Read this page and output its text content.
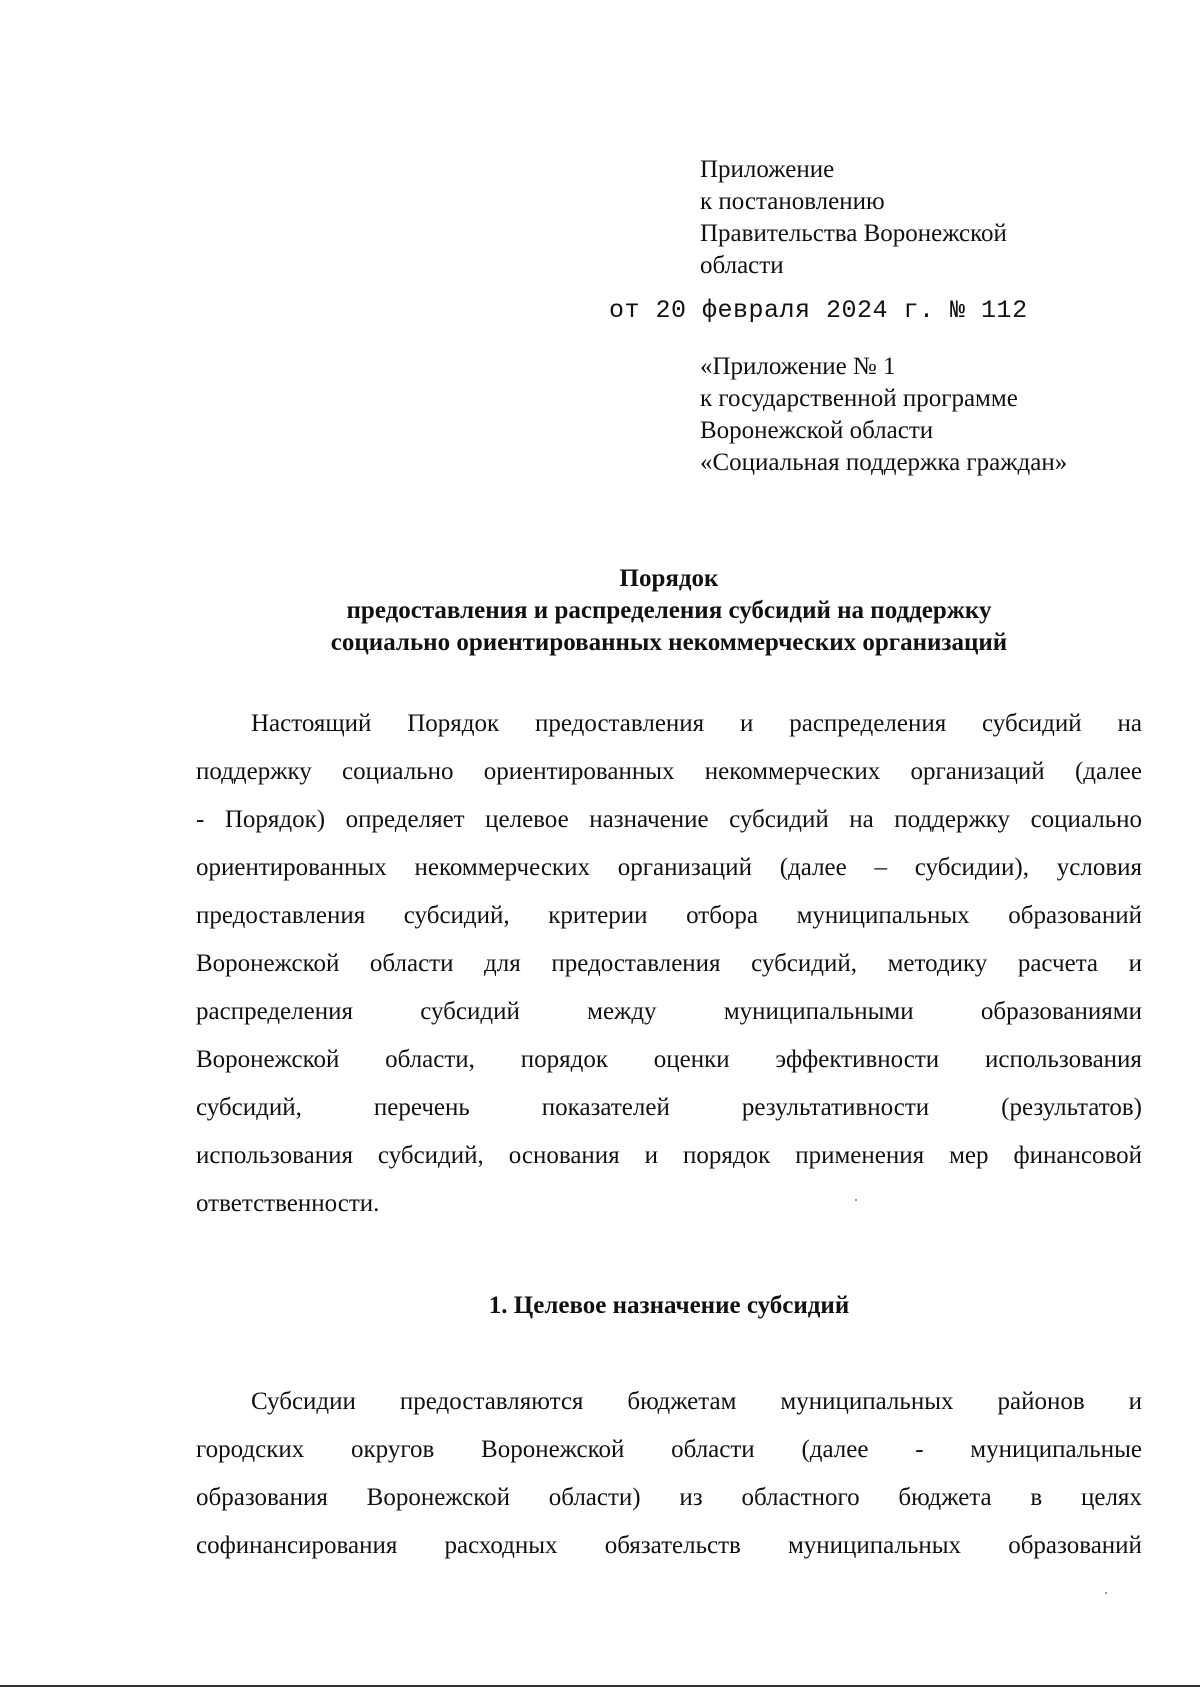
Приложение
к постановлению
Правительства Воронежской
области
от 20 февраля 2024 г. № 112
«Приложение № 1
к государственной программе
Воронежской области
«Социальная поддержка граждан»
Порядок
предоставления и распределения субсидий на поддержку
социально ориентированных некоммерческих организаций
Настоящий Порядок предоставления и распределения субсидий на
поддержку социально ориентированных некоммерческих организаций (далее
- Порядок) определяет целевое назначение субсидий на поддержку социально
ориентированных некоммерческих организаций (далее – субсидии), условия
предоставления субсидий, критерии отбора муниципальных образований
Воронежской области для предоставления субсидий, методику расчета и
распределения	субсидий	между	муниципальными	образованиями
Воронежской области, порядок оценки эффективности использования
субсидий,	перечень	показателей	результативности	(результатов)
использования субсидий, основания и порядок применения мер финансовой
ответственности.
1. Целевое назначение субсидий
Субсидии предоставляются бюджетам муниципальных районов и
городских округов Воронежской области (далее - муниципальные
образования Воронежской области) из областного бюджета в целях
софинансирования расходных обязательств муниципальных образований
